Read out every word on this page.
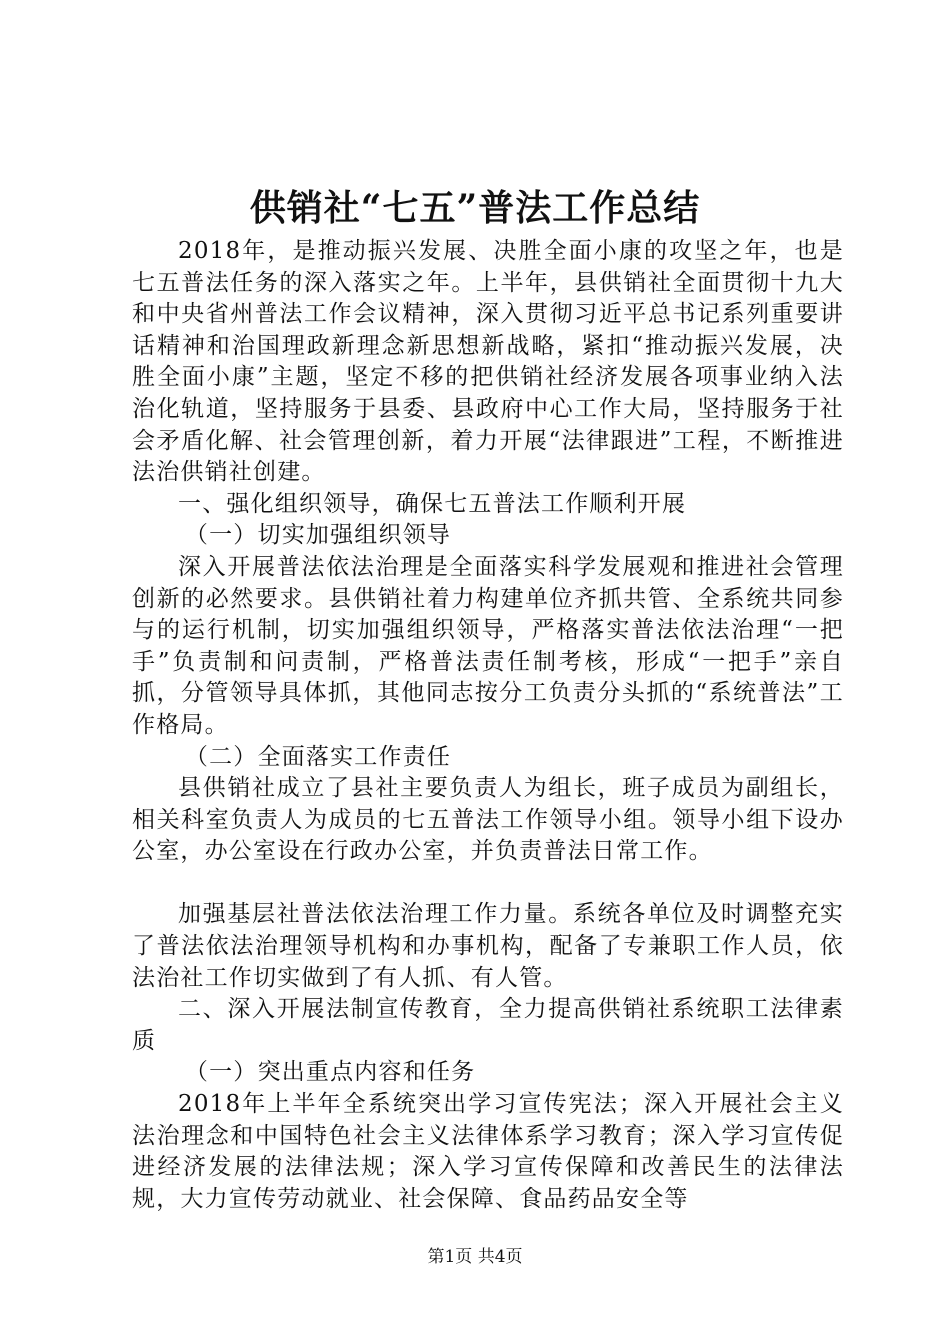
供销社“七五”普法工作总结

2018年，是推动振兴发展、决胜全面小康的攻坚之年，也是七五普法任务的深入落实之年。上半年，县供销社全面贯彻十九大和中央省州普法工作会议精神，深入贯彻习近平总书记系列重要讲话精神和治国理政新理念新思想新战略，紧扣“推动振兴发展，决胜全面小康”主题，坚定不移的把供销社经济发展各项事业纳入法治化轨道，坚持服务于县委、县政府中心工作大局，坚持服务于社会矛盾化解、社会管理创新，着力开展“法律跟进”工程，不断推进法治供销社创建。

一、强化组织领导，确保七五普法工作顺利开展

（一）切实加强组织领导

深入开展普法依法治理是全面落实科学发展观和推进社会管理创新的必然要求。县供销社着力构建单位齐抓共管、全系统共同参与的运行机制，切实加强组织领导，严格落实普法依法治理“一把手”负责制和问责制，严格普法责任制考核，形成“一把手”亲自抓，分管领导具体抓，其他同志按分工负责分头抓的“系统普法”工作格局。

（二）全面落实工作责任

县供销社成立了县社主要负责人为组长，班子成员为副组长，相关科室负责人为成员的七五普法工作领导小组。领导小组下设办公室，办公室设在行政办公室，并负责普法日常工作。

加强基层社普法依法治理工作力量。系统各单位及时调整充实了普法依法治理领导机构和办事机构，配备了专兼职工作人员，依法治社工作切实做到了有人抓、有人管。

二、深入开展法制宣传教育，全力提高供销社系统职工法律素质

（一）突出重点内容和任务

2018年上半年全系统突出学习宣传宪法；深入开展社会主义法治理念和中国特色社会主义法律体系学习教育；深入学习宣传促进经济发展的法律法规；深入学习宣传保障和改善民生的法律法规，大力宣传劳动就业、社会保障、食品药品安全等

第1页 共4页
